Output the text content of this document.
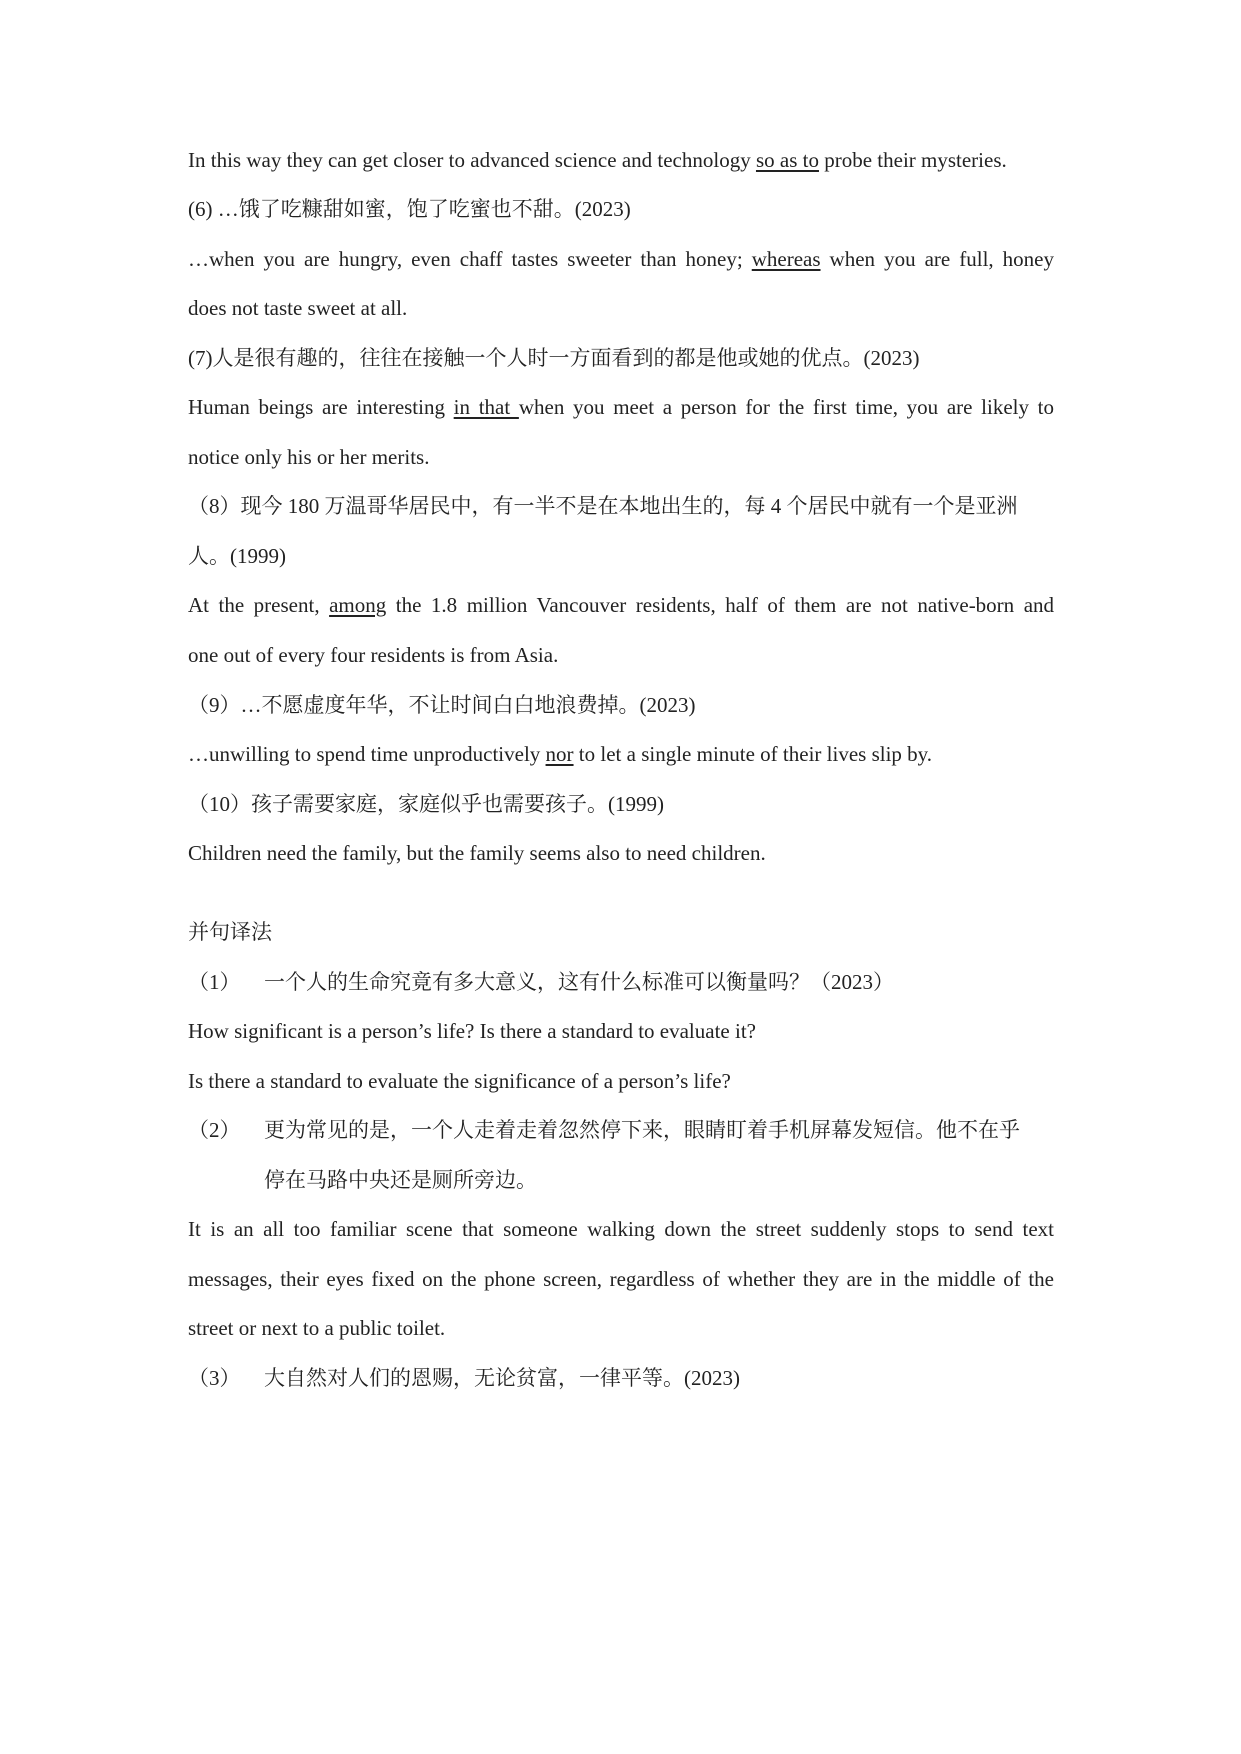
In this way they can get closer to advanced science and technology so as to probe their mysteries.
(6) …饿了吃糠甜如蜜，饱了吃蜜也不甜。(2023)
…when you are hungry, even chaff tastes sweeter than honey; whereas when you are full, honey
does not taste sweet at all.
(7)人是很有趣的，往往在接触一个人时一方面看到的都是他或她的优点。(2023)
Human beings are interesting in that when you meet a person for the first time, you are likely to
notice only his or her merits.
（8）现今 180 万温哥华居民中，有一半不是在本地出生的，每 4 个居民中就有一个是亚洲
人。(1999)
At the present, among the 1.8 million Vancouver residents, half of them are not native-born and
one out of every four residents is from Asia.
（9）…不愿虚度年华，不让时间白白地浪费掉。(2023)
…unwilling to spend time unproductively nor to let a single minute of their lives slip by.
（10）孩子需要家庭，家庭似乎也需要孩子。(1999)
Children need the family, but the family seems also to need children.
并句译法
（1） 一个人的生命究竟有多大意义，这有什么标准可以衡量吗？（2023）
How significant is a person’s life? Is there a standard to evaluate it?
Is there a standard to evaluate the significance of a person’s life?
（2） 更为常见的是，一个人走着走着忽然停下来，眼睛盯着手机屏幕发短信。他不在乎
停在马路中央还是厕所旁边。
It is an all too familiar scene that someone walking down the street suddenly stops to send text
messages, their eyes fixed on the phone screen, regardless of whether they are in the middle of the
street or next to a public toilet.
（3） 大自然对人们的恩赐，无论贫富，一律平等。(2023)
